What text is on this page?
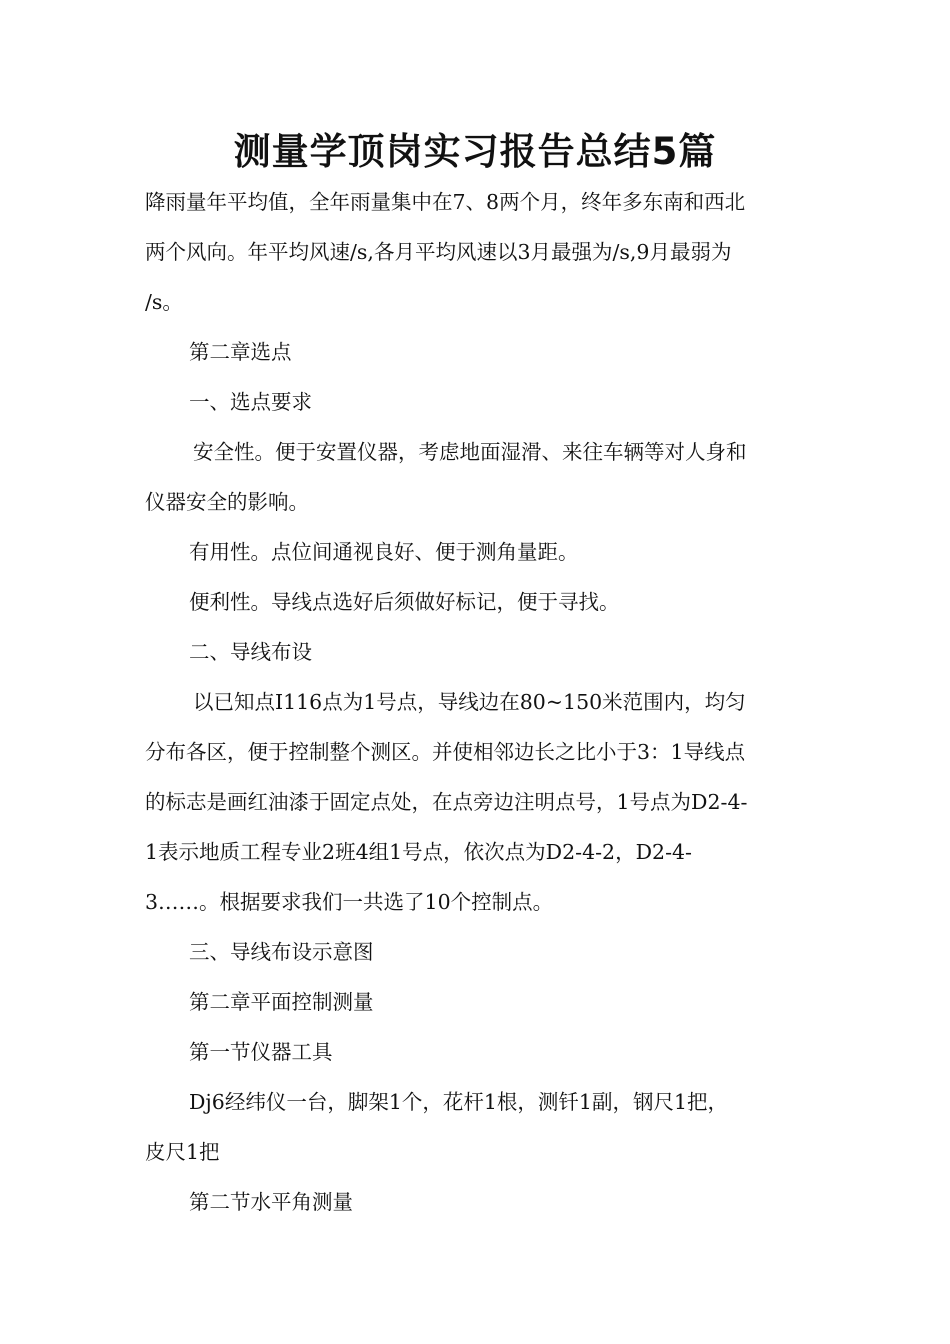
测量学顶岗实习报告总结5篇

降雨量年平均值，全年雨量集中在7、8两个月，终年多东南和西北

两个风向。年平均风速/s,各月平均风速以3月最强为/s,9月最弱为

/s。

第二章选点

一、选点要求

安全性。便于安置仪器，考虑地面湿滑、来往车辆等对人身和

仪器安全的影响。

有用性。点位间通视良好、便于测角量距。

便利性。导线点选好后须做好标记，便于寻找。

二、导线布设

以已知点I116点为1号点，导线边在80~150米范围内，均匀

分布各区，便于控制整个测区。并使相邻边长之比小于3：1导线点

的标志是画红油漆于固定点处，在点旁边注明点号，1号点为D2-4-

1表示地质工程专业2班4组1号点，依次点为D2-4-2，D2-4-

3……。根据要求我们一共选了10个控制点。

三、导线布设示意图

第二章平面控制测量

第一节仪器工具

Dj6经纬仪一台，脚架1个，花杆1根，测钎1副，钢尺1把，

皮尺1把

第二节水平角测量
